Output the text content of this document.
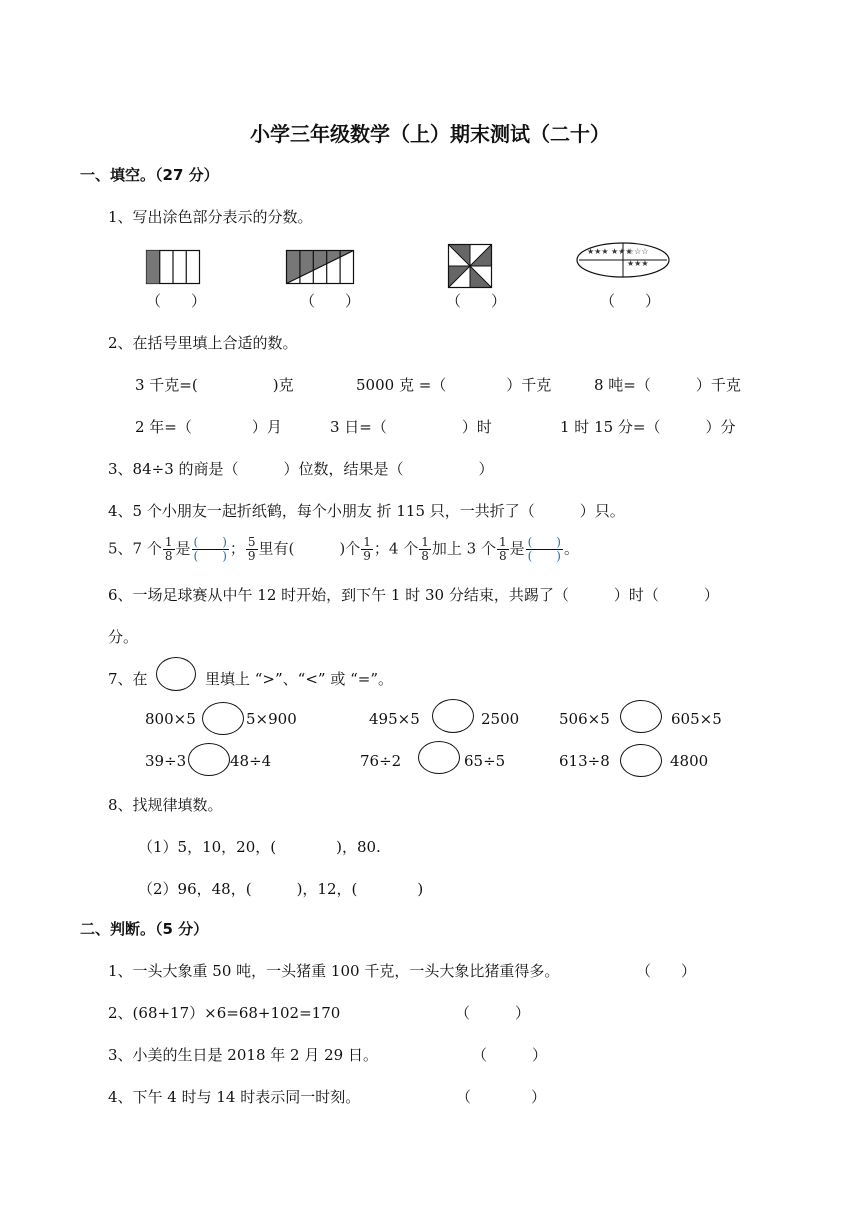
小学三年级数学（上）期末测试（二十）
一、填空。（27 分）
1、写出涂色部分表示的分数。
★★★ ★★★
☆☆☆ ★★★
（　　）	（　　）	（　　）	（　　）
2、在括号里填上合适的数。
3 千克=(　　　　　)克	5000 克 =（　　　　）千克	8 吨=（　　　）千克
2 年=（　　　　）月	3 日=（　　　　　）时	1 时 15 分=（　　　）分
3、84÷3 的商是（　　　）位数，结果是（　　　　　）
4、5 个小朋友一起折纸鹤，每个小朋友 折 115 只，一共折了（　　　）只。
5、7 个 $\frac{1}{8}$ 是 $\frac{( )}{( )}$ ； $\frac{5}{9}$ 里有(　　　)个 $\frac{1}{9}$ ；4 个 $\frac{1}{8}$ 加上 3 个 $\frac{1}{8}$ 是 $\frac{( )}{( )}$ 。
6、一场足球赛从中午 12 时开始，到下午 1 时 30 分结束，共踢了（　　　）时（　　　）
分。
7、在	里填上 “>”、“<” 或 “=”。
800×5	5×900	495×5	2500	506×5	605×5
39÷3	48÷4	76÷2	65÷5	613÷8	4800
8、找规律填数。
（1）5，10，20，(　　　　)，80.
（2）96，48，(　　　)，12，(　　　　)
二、判断。（5 分）
1、一头大象重 50 吨，一头猪重 100 千克，一头大象比猪重得多。	（　　）
2、(68+17）×6=68+102=170	（　　　）
3、小美的生日是 2018 年 2 月 29 日。	（　　　）
4、下午 4 时与 14 时表示同一时刻。	（　　　　）
